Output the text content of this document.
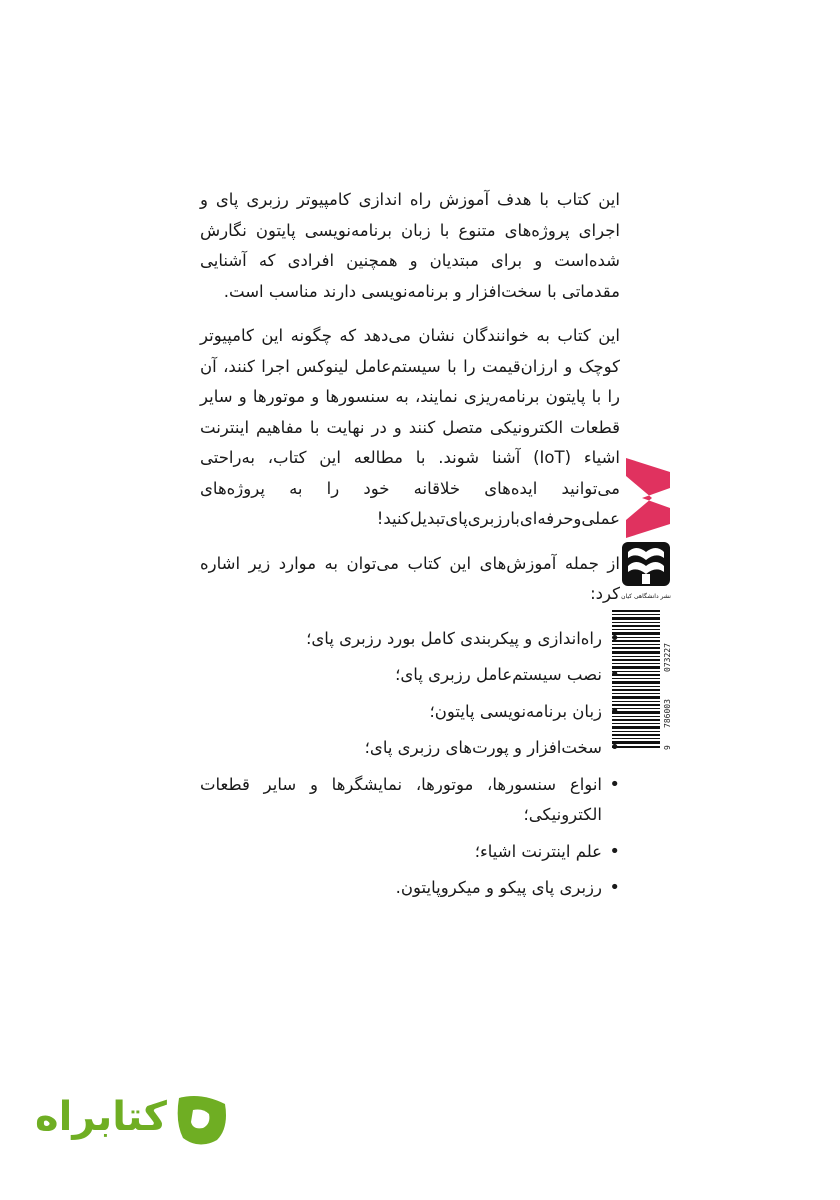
این کتاب با هدف آموزش راه اندازی کامپیوتر رزبری پای و اجرای پروژه‌های متنوع با زبان برنامه‌نویسی پایتون نگارش شده‌است و برای مبتدیان و همچنین افرادی که آشنایی مقدماتی با سخت‌افزار و برنامه‌نویسی دارند مناسب است.

این کتاب به خوانندگان نشان می‌دهد که چگونه این کامپیوتر کوچک و ارزان‌قیمت را با سیستم‌عامل لینوکس اجرا کنند، آن را با پایتون برنامه‌ریزی نمایند، به سنسورها و موتورها و سایر قطعات الکترونیکی متصل کنند و در نهایت با مفاهیم اینترنت اشیاء (IoT) آشنا شوند. با مطالعه این کتاب، به‌راحتی می‌توانید ایده‌های خلاقانه خود را به پروژه‌های عملی‌وحرفه‌ای‌بارزبری‌پای‌تبدیل‌کنید!

از جمله آموزش‌های این کتاب می‌توان به موارد زیر اشاره کرد:

• راه‌اندازی و پیکربندی کامل بورد رزبری پای؛
• نصب سیستم‌عامل رزبری پای؛
• زبان برنامه‌نویسی پایتون؛
• سخت‌افزار و پورت‌های رزبری پای؛
• انواع سنسورها، موتورها، نمایشگرها و سایر قطعات الکترونیکی؛
• علم اینترنت اشیاء؛
• رزبری پای پیکو و میکروپایتون.
نشر دانشگاهی کیان
9
786003
073227
کتابراه
